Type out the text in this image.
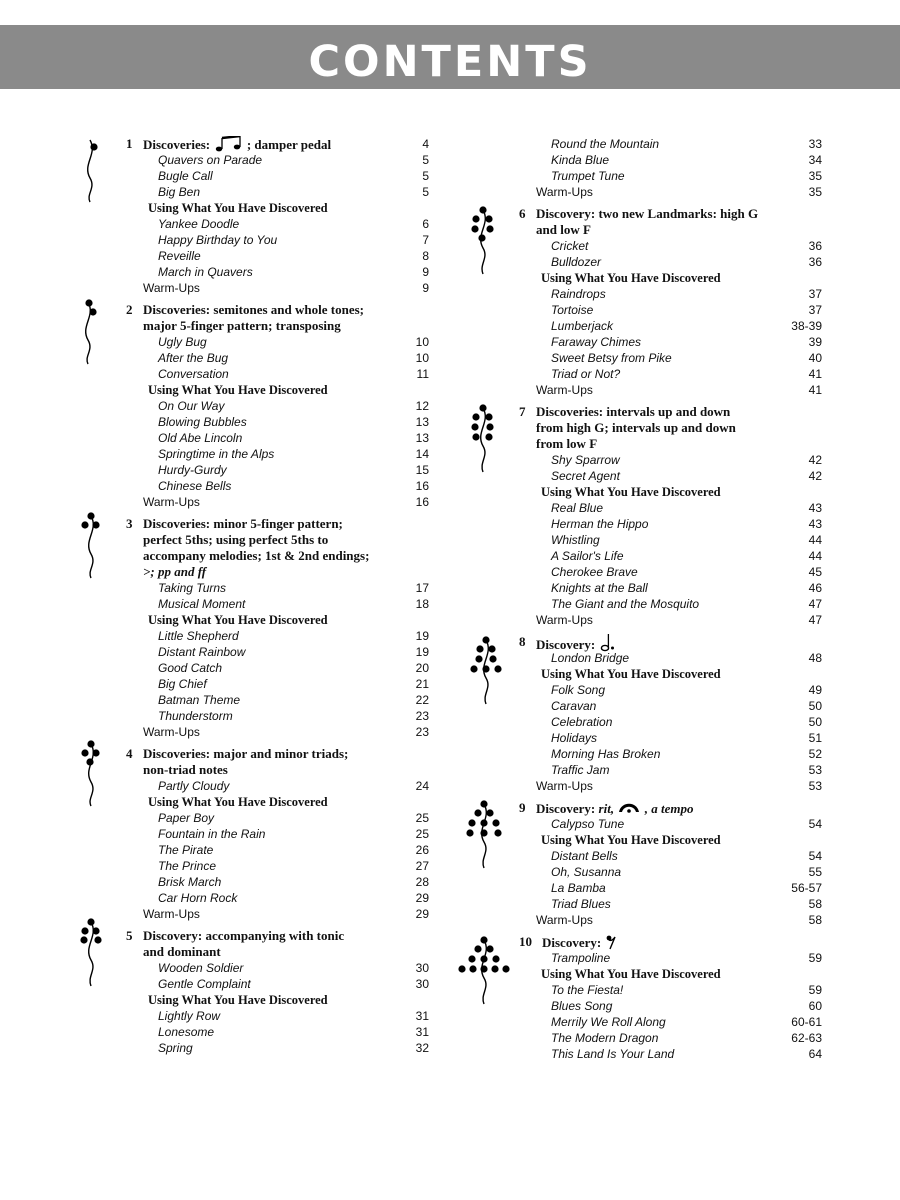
CONTENTS
1 Discoveries:	; damper pedal	4
Quavers on Parade	5
Bugle Call	5
Big Ben	5
Using What You Have Discovered
Yankee Doodle	6
Happy Birthday to You	7
Reveille	8
March in Quavers	9
Warm-Ups	9
2 Discoveries: semitones and whole tones;
major 5-finger pattern; transposing
Ugly Bug	10
After the Bug	10
Conversation	11
Using What You Have Discovered
On Our Way	12
Blowing Bubbles	13
Old Abe Lincoln	13
Springtime in the Alps	14
Hurdy-Gurdy	15
Chinese Bells	16
Warm-Ups	16
3 Discoveries: minor 5-finger pattern;
perfect 5ths; using perfect 5ths to
accompany melodies; 1st & 2nd endings;
>; pp and ff
Taking Turns	17
Musical Moment	18
Using What You Have Discovered
Little Shepherd	19
Distant Rainbow	19
Good Catch	20
Big Chief	21
Batman Theme	22
Thunderstorm	23
Warm-Ups	23
4 Discoveries: major and minor triads;
non-triad notes
Partly Cloudy	24
Using What You Have Discovered
Paper Boy	25
Fountain in the Rain	25
The Pirate	26
The Prince	27
Brisk March	28
Car Horn Rock	29
Warm-Ups	29
5 Discovery: accompanying with tonic
and dominant
Wooden Soldier	30
Gentle Complaint	30
Using What You Have Discovered
Lightly Row	31
Lonesome	31
Spring	32
Round the Mountain	33
Kinda Blue	34
Trumpet Tune	35
Warm-Ups	35
6 Discovery: two new Landmarks: high G
and low F
Cricket	36
Bulldozer	36
Using What You Have Discovered
Raindrops	37
Tortoise	37
Lumberjack	38-39
Faraway Chimes	39
Sweet Betsy from Pike	40
Triad or Not?	41
Warm-Ups	41
7 Discoveries: intervals up and down
from high G; intervals up and down
from low F
Shy Sparrow	42
Secret Agent	42
Using What You Have Discovered
Real Blue	43
Herman the Hippo	43
Whistling	44
A Sailor's Life	44
Cherokee Brave	45
Knights at the Ball	46
The Giant and the Mosquito	47
Warm-Ups	47
8 Discovery:
London Bridge	48
Using What You Have Discovered
Folk Song	49
Caravan	50
Celebration	50
Holidays	51
Morning Has Broken	52
Traffic Jam	53
Warm-Ups	53
9 Discovery: rit, , a tempo
Calypso Tune	54
Using What You Have Discovered
Distant Bells	54
Oh, Susanna	55
La Bamba	56-57
Triad Blues	58
Warm-Ups	58
10 Discovery:
Trampoline	59
Using What You Have Discovered
To the Fiesta!	59
Blues Song	60
Merrily We Roll Along	60-61
The Modern Dragon	62-63
This Land Is Your Land	64
